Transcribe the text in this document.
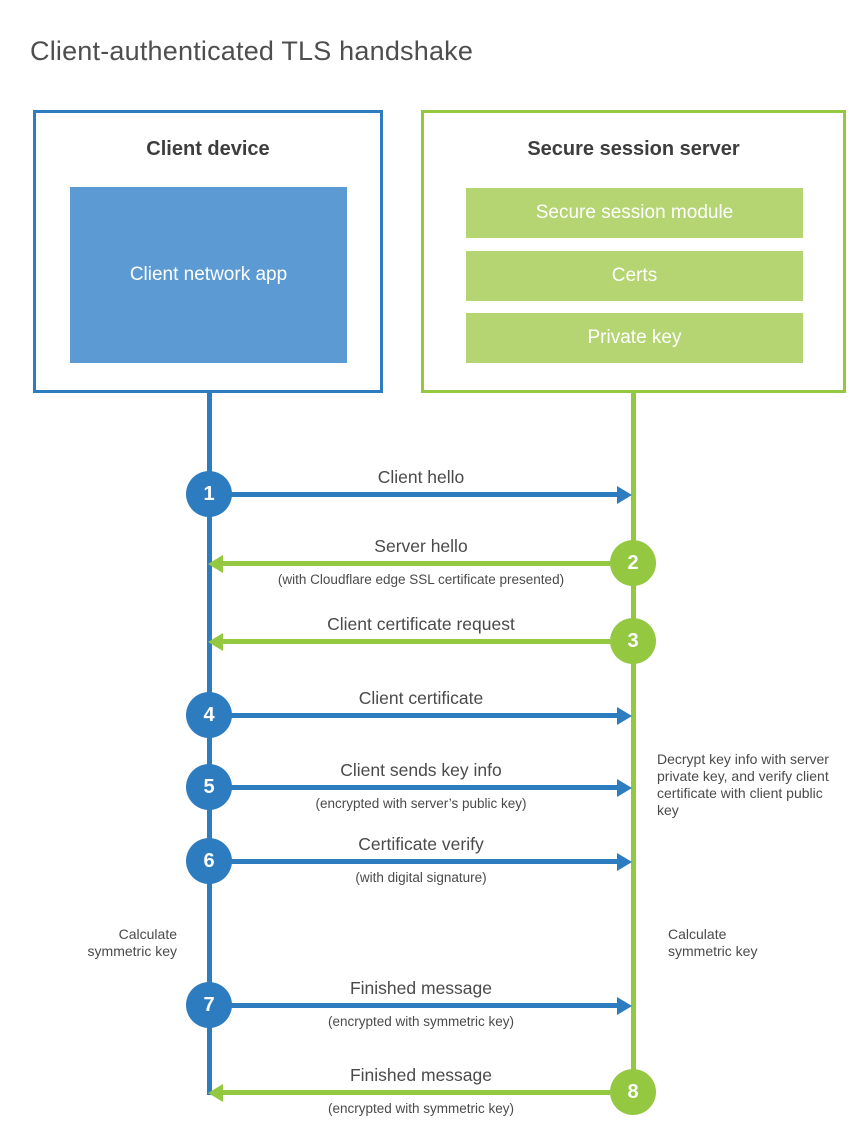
Client-authenticated TLS handshake
Client device
Client network app
Secure session server
Secure session module
Certs
Private key
1
Client hello
2
Server hello
(with Cloudflare edge SSL certificate presented)
3
Client certificate request
4
Client certificate
5
Client sends key info
(encrypted with server’s public key)
6
Certificate verify
(with digital signature)
Decrypt key info with server private key, and verify client certificate with client public key
Calculate symmetric key
Calculate symmetric key
7
Finished message
(encrypted with symmetric key)
8
Finished message
(encrypted with symmetric key)
